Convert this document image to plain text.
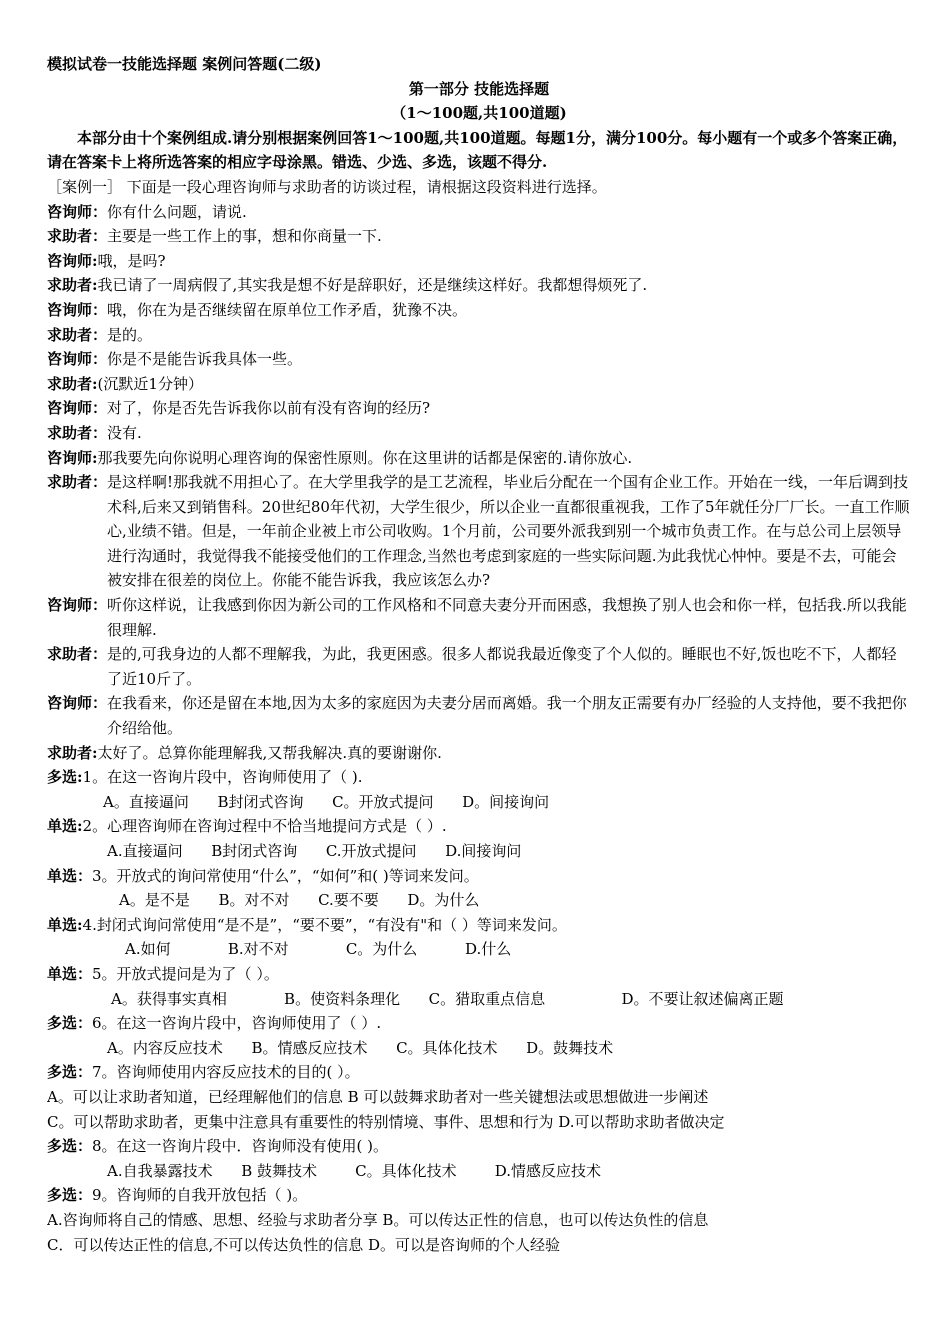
模拟试卷一技能选择题 案例问答题(二级)
第一部分 技能选择题
（1～100题,共100道题)
本部分由十个案例组成.请分别根据案例回答1～100题,共100道题。每题1分，满分100分。每小题有一个或多个答案正确，请在答案卡上将所选答案的相应字母涂黑。错选、少选、多选，该题不得分.
［案例一］ 下面是一段心理咨询师与求助者的访谈过程，请根据这段资料进行选择。
咨询师： 你有什么问题，请说.
求助者： 主要是一些工作上的事，想和你商量一下.
咨询师: 哦，是吗?
求助者: 我已请了一周病假了,其实我是想不好是辞职好，还是继续这样好。我都想得烦死了.
咨询师： 哦，你在为是否继续留在原单位工作矛盾，犹豫不决。
求助者： 是的。
咨询师： 你是不是能告诉我具体一些。
求助者: (沉默近1分钟）
咨询师： 对了，你是否先告诉我你以前有没有咨询的经历?
求助者： 没有.
咨询师: 那我要先向你说明心理咨询的保密性原则。你在这里讲的话都是保密的.请你放心.
求助者： 是这样啊!那我就不用担心了。在大学里我学的是工艺流程，毕业后分配在一个国有企业工作。开始在一线，一年后调到技术科,后来又到销售科。20世纪80年代初，大学生很少，所以企业一直都很重视我，工作了5年就任分厂厂长。一直工作顺心,业绩不错。但是，一年前企业被上市公司收购。1个月前，公司要外派我到别一个城市负责工作。在与总公司上层领导进行沟通时，我觉得我不能接受他们的工作理念,当然也考虑到家庭的一些实际问题.为此我忧心忡忡。要是不去，可能会被安排在很差的岗位上。你能不能告诉我，我应该怎么办?
咨询师： 听你这样说，让我感到你因为新公司的工作风格和不同意夫妻分开而困惑，我想换了别人也会和你一样，包括我.所以我能很理解.
求助者： 是的,可我身边的人都不理解我，为此，我更困惑。很多人都说我最近像变了个人似的。睡眠也不好,饭也吃不下，人都轻了近10斤了。
咨询师： 在我看来，你还是留在本地,因为太多的家庭因为夫妻分居而离婚。我一个朋友正需要有办厂经验的人支持他，要不我把你介绍给他。
求助者: 太好了。总算你能理解我,又帮我解决.真的要谢谢你.
多选:1。在这一咨询片段中，咨询师使用了（ ).
A。直接逼问      B封闭式咨询      C。开放式提问      D。间接询问
单选:2。心理咨询师在咨询过程中不恰当地提问方式是（ ）.
A.直接逼问      B封闭式咨询      C.开放式提问      D.间接询问
单选：3。开放式的询问常使用“什么”，“如何”和( )等词来发问。
A。是不是      B。对不对      C.要不要      D。为什么
单选:4.封闭式询问常使用“是不是”，“要不要”，“有没有"和（ ）等词来发问。
A.如何            B.对不对            C。为什么          D.什么
单选：5。开放式提问是为了（ ）。
A。获得事实真相            B。使资料条理化      C。猎取重点信息                D。不要让叙述偏离正题
多选：6。在这一咨询片段中，咨询师使用了（ ）.
A。内容反应技术      B。情感反应技术      C。具体化技术      D。鼓舞技术
多选：7。咨询师使用内容反应技术的目的( ）。
A。可以让求助者知道，已经理解他们的信息 B 可以鼓舞求助者对一些关键想法或思想做进一步阐述
C。可以帮助求助者，更集中注意具有重要性的特别情境、事件、思想和行为 D.可以帮助求助者做决定
多选：8。在这一咨询片段中．咨询师没有使用( )。
A.自我暴露技术      B 鼓舞技术        C。具体化技术        D.情感反应技术
多选：9。咨询师的自我开放包括（ )。
A.咨询师将自己的情感、思想、经验与求助者分享 B。可以传达正性的信息，也可以传达负性的信息
C．可以传达正性的信息,不可以传达负性的信息 D。可以是咨询师的个人经验
